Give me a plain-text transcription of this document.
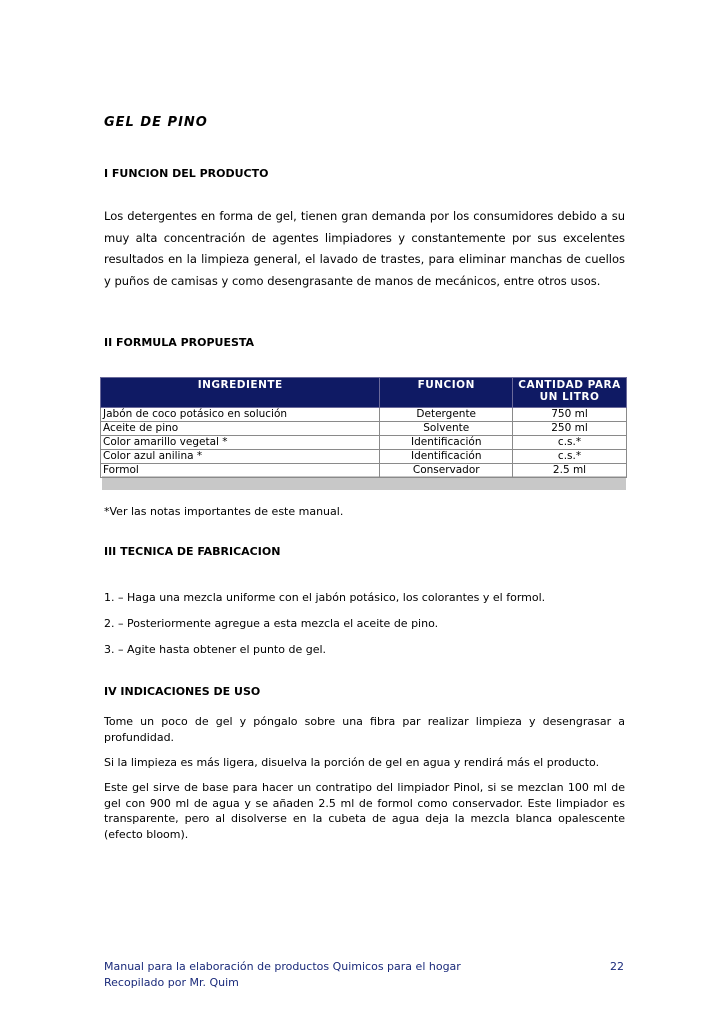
GEL DE PINO
I FUNCION DEL PRODUCTO
Los detergentes en forma de gel, tienen gran demanda por los consumidores debido a su muy alta concentración de agentes limpiadores y constantemente por sus excelentes resultados en la limpieza general, el lavado de trastes, para eliminar manchas de cuellos y puños de camisas y como desengrasante de manos de mecánicos, entre otros usos.
II FORMULA PROPUESTA
INGREDIENTE	FUNCION	CANTIDAD PARA UN LITRO
Jabón de coco potásico en solución	Detergente	750 ml
Aceite de pino	Solvente	250 ml
Color amarillo vegetal *	Identificación	c.s.*
Color azul anilina *	Identificación	c.s.*
Formol	Conservador	2.5 ml
*Ver las notas importantes de este manual.
III TECNICA DE FABRICACION
1. – Haga una mezcla uniforme con el jabón potásico, los colorantes y el formol.
2. – Posteriormente agregue a esta mezcla el aceite de pino.
3. – Agite hasta obtener el punto de gel.
IV INDICACIONES DE USO
Tome un poco de gel y póngalo sobre una fibra par realizar limpieza y desengrasar a profundidad.
Si la limpieza es más ligera, disuelva la porción de gel en agua y rendirá más el producto.
Este gel sirve de base para hacer un contratipo del limpiador Pinol, si se mezclan 100 ml de gel con 900 ml de agua y se añaden 2.5 ml de formol como conservador. Este limpiador es transparente, pero al disolverse en la cubeta de agua deja la mezcla blanca opalescente (efecto bloom).
Manual para la elaboración de productos Quimicos para el hogar	22
Recopilado por Mr. Quim
